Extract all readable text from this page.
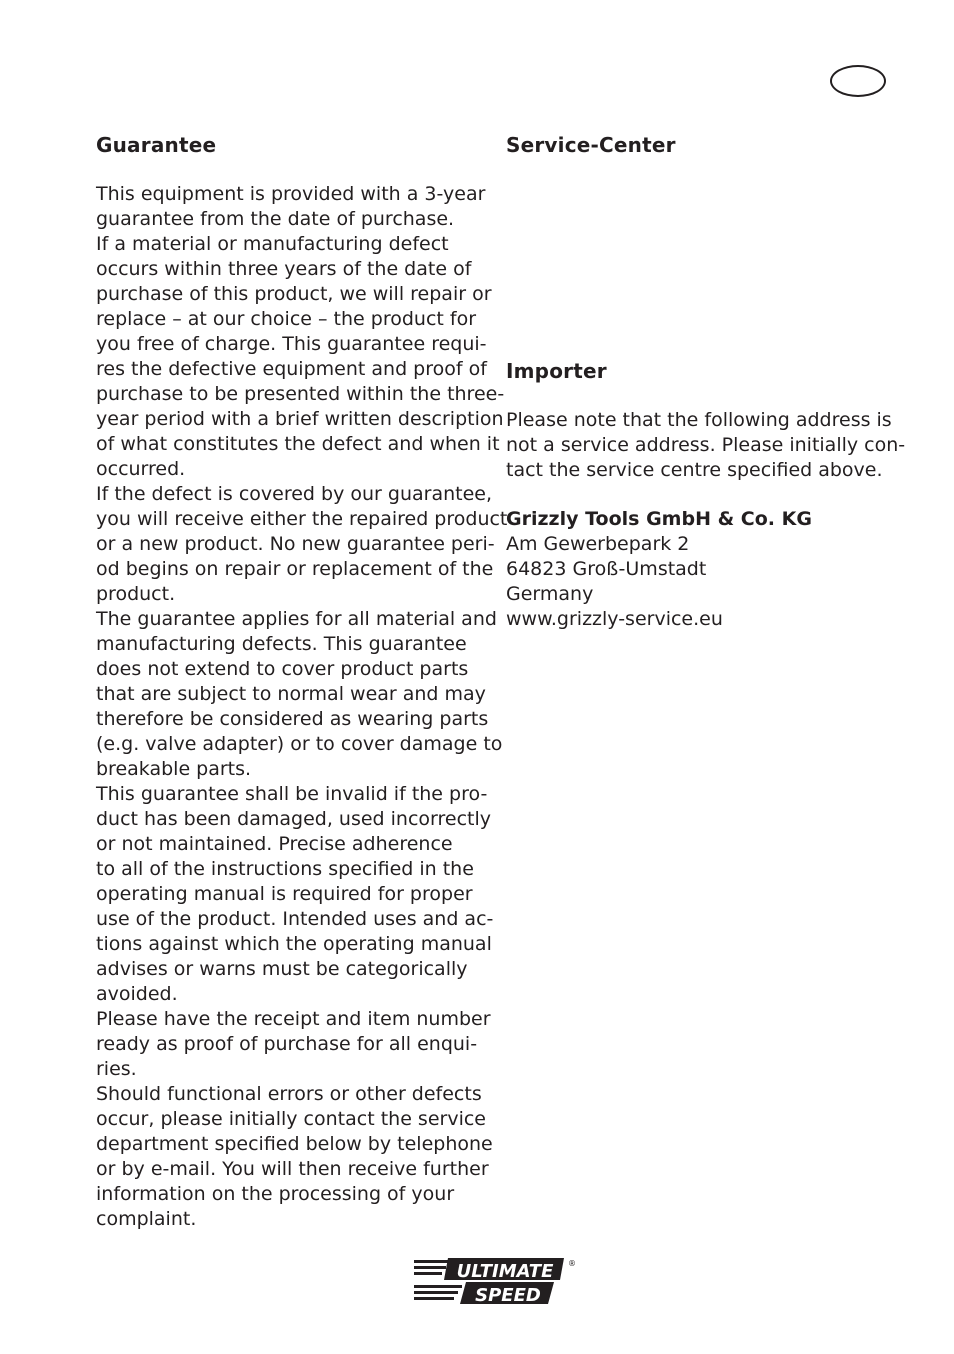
Guarantee

This equipment is provided with a 3-year
guarantee from the date of purchase.
If a material or manufacturing defect
occurs within three years of the date of
purchase of this product, we will repair or
replace – at our choice – the product for
you free of charge. This guarantee requi-
res the defective equipment and proof of
purchase to be presented within the three-
year period with a brief written description
of what constitutes the defect and when it
occurred.
If the defect is covered by our guarantee,
you will receive either the repaired product
or a new product. No new guarantee peri-
od begins on repair or replacement of the
product.
The guarantee applies for all material and
manufacturing defects. This guarantee
does not extend to cover product parts
that are subject to normal wear and may
therefore be considered as wearing parts
(e.g. valve adapter) or to cover damage to
breakable parts.
This guarantee shall be invalid if the pro-
duct has been damaged, used incorrectly
or not maintained. Precise adherence
to all of the instructions specified in the
operating manual is required for proper
use of the product. Intended uses and ac-
tions against which the operating manual
advises or warns must be categorically
avoided.
Please have the receipt and item number
ready as proof of purchase for all enqui-
ries.
Should functional errors or other defects
occur, please initially contact the service
department specified below by telephone
or by e-mail. You will then receive further
information on the processing of your
complaint.

Service-Center
Importer

Please note that the following address is
not a service address. Please initially con-
tact the service centre specified above.

Grizzly Tools GmbH & Co. KG
Am Gewerbepark 2
64823 Groß-Umstadt
Germany
www.grizzly-service.eu
ULTIMATE
SPEED
®
